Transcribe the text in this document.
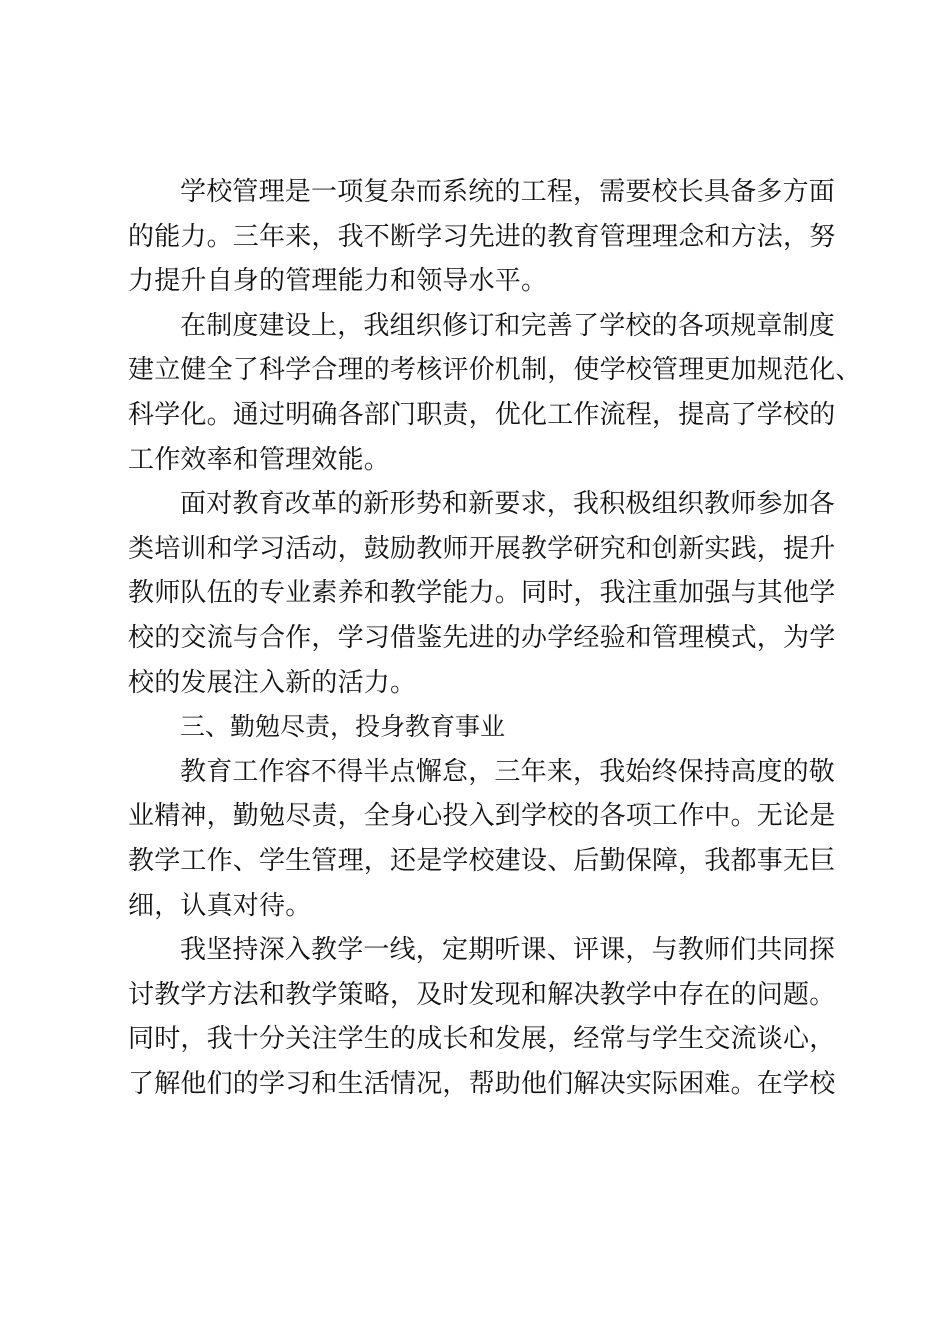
学校管理是一项复杂而系统的工程，需要校长具备多方面
的能力。三年来，我不断学习先进的教育管理理念和方法，努
力提升自身的管理能力和领导水平。
在制度建设上，我组织修订和完善了学校的各项规章制度
建立健全了科学合理的考核评价机制，使学校管理更加规范化、
科学化。通过明确各部门职责，优化工作流程，提高了学校的
工作效率和管理效能。
面对教育改革的新形势和新要求，我积极组织教师参加各
类培训和学习活动，鼓励教师开展教学研究和创新实践，提升
教师队伍的专业素养和教学能力。同时，我注重加强与其他学
校的交流与合作，学习借鉴先进的办学经验和管理模式，为学
校的发展注入新的活力。
三、勤勉尽责，投身教育事业
教育工作容不得半点懈怠，三年来，我始终保持高度的敬
业精神，勤勉尽责，全身心投入到学校的各项工作中。无论是
教学工作、学生管理，还是学校建设、后勤保障，我都事无巨
细，认真对待。
我坚持深入教学一线，定期听课、评课，与教师们共同探
讨教学方法和教学策略，及时发现和解决教学中存在的问题。
同时，我十分关注学生的成长和发展，经常与学生交流谈心，
了解他们的学习和生活情况，帮助他们解决实际困难。在学校
